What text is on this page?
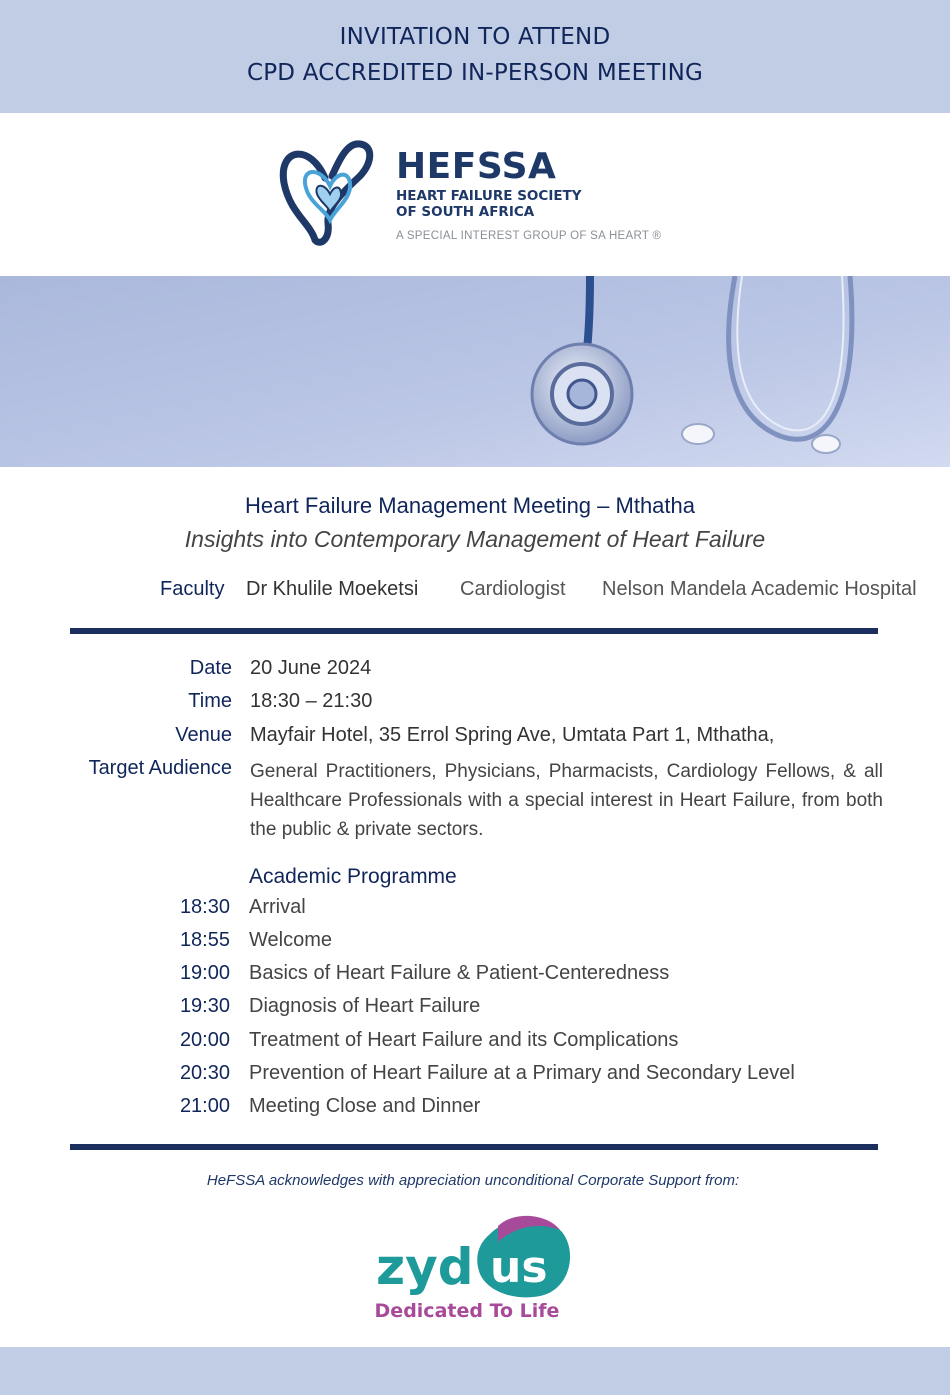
INVITATION TO ATTEND
CPD ACCREDITED IN-PERSON MEETING
HEFSSA
HEART FAILURE SOCIETY
OF SOUTH AFRICA
A SPECIAL INTEREST GROUP OF SA HEART ®
Heart Failure Management Meeting – Mthatha
Insights into Contemporary Management of Heart Failure
Faculty Dr Khulile Moeketsi Cardiologist Nelson Mandela Academic Hospital
Date 20 June 2024
Time 18:30 – 21:30
Venue Mayfair Hotel, 35 Errol Spring Ave, Umtata Part 1, Mthatha,
Target Audience General Practitioners, Physicians, Pharmacists, Cardiology Fellows, & all Healthcare Professionals with a special interest in Heart Failure, from both the public & private sectors.
Academic Programme
18:30 Arrival
18:55 Welcome
19:00 Basics of Heart Failure & Patient-Centeredness
19:30 Diagnosis of Heart Failure
20:00 Treatment of Heart Failure and its Complications
20:30 Prevention of Heart Failure at a Primary and Secondary Level
21:00 Meeting Close and Dinner
HeFSSA acknowledges with appreciation unconditional Corporate Support from:
zyd us
Dedicated To Life
